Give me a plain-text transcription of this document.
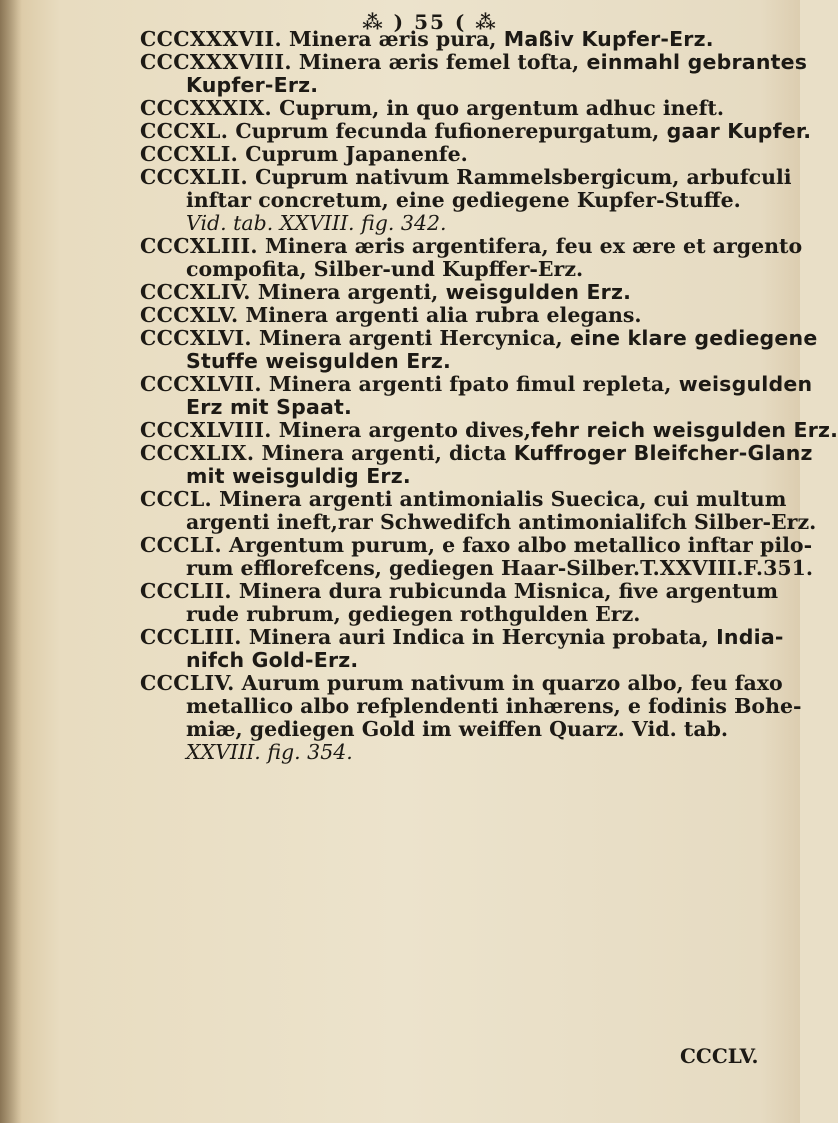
⁂ ) 55 ( ⁂

CCCXXXVII. Minera æris pura, Maßiv Kupfer-Erz.

CCCXXXVIII. Minera æris femel tofta, einmahl gebrantes

Kupfer-Erz.

CCCXXXIX. Cuprum, in quo argentum adhuc ineft.

CCCXL. Cuprum fecunda fufionerepurgatum, gaar Kupfer.

CCCXLI. Cuprum Japanenfe.

CCCXLII. Cuprum nativum Rammelsbergicum, arbufculi

inftar concretum, eine gediegene Kupfer-Stuffe.

Vid. tab. XXVIII. fig. 342.

CCCXLIII. Minera æris argentifera, feu ex ære et argento

compofita, Silber-und Kupffer-Erz.

CCCXLIV. Minera argenti, weisgulden Erz.

CCCXLV. Minera argenti alia rubra elegans.

CCCXLVI. Minera argenti Hercynica, eine klare gediegene

Stuffe weisgulden Erz.

CCCXLVII. Minera argenti fpato fimul repleta, weisgulden

Erz mit Spaat.

CCCXLVIII. Minera argento dives,fehr reich weisgulden Erz.

CCCXLIX. Minera argenti, dicta Kuffroger Bleifcher-Glanz

mit weisguldig Erz.

CCCL. Minera argenti antimonialis Suecica, cui multum

argenti ineft,rar Schwedifch antimonialifch Silber-Erz.

CCCLI. Argentum purum, e faxo albo metallico inftar pilo-

rum efflorefcens, gediegen Haar-Silber.T.XXVIII.F.351.

CCCLII. Minera dura rubicunda Misnica, five argentum

rude rubrum, gediegen rothgulden Erz.

CCCLIII. Minera auri Indica in Hercynia probata, Indiа-

nifch Gold-Erz.

CCCLIV. Aurum purum nativum in quarzo albo, feu faxo

metallico albo refplendenti inhærens, e fodinis Bohe-

miæ, gediegen Gold im weiffen Quarz. Vid. tab.

XXVIII. fig. 354.

CCCLV.
